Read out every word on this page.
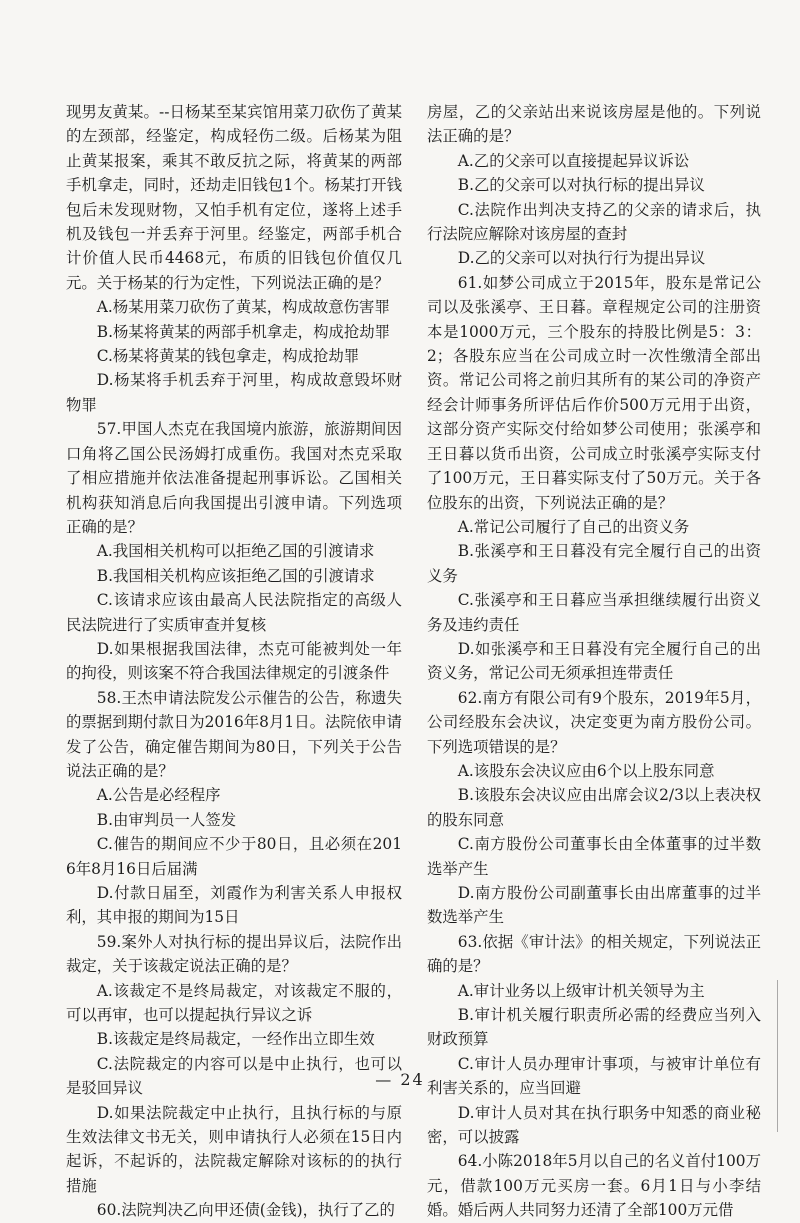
现男友黄某。--日杨某至某宾馆用菜刀砍伤了黄某的左颈部，经鉴定，构成轻伤二级。后杨某为阻止黄某报案，乘其不敢反抗之际，将黄某的两部手机拿走，同时，还劫走旧钱包1个。杨某打开钱包后未发现财物，又怕手机有定位，遂将上述手机及钱包一并丢弃于河里。经鉴定，两部手机合计价值人民币4468元，布质的旧钱包价值仅几元。关于杨某的行为定性，下列说法正确的是？

A.杨某用菜刀砍伤了黄某，构成故意伤害罪

B.杨某将黄某的两部手机拿走，构成抢劫罪

C.杨某将黄某的钱包拿走，构成抢劫罪

D.杨某将手机丢弃于河里，构成故意毁坏财物罪

57.甲国人杰克在我国境内旅游，旅游期间因口角将乙国公民汤姆打成重伤。我国对杰克采取了相应措施并依法准备提起刑事诉讼。乙国相关机构获知消息后向我国提出引渡申请。下列选项正确的是？

A.我国相关机构可以拒绝乙国的引渡请求

B.我国相关机构应该拒绝乙国的引渡请求

C.该请求应该由最高人民法院指定的高级人民法院进行了实质审查并复核

D.如果根据我国法律，杰克可能被判处一年的拘役，则该案不符合我国法律规定的引渡条件

58.王杰申请法院发公示催告的公告，称遗失的票据到期付款日为2016年8月1日。法院依申请发了公告，确定催告期间为80日，下列关于公告说法正确的是？

A.公告是必经程序

B.由审判员一人签发

C.催告的期间应不少于80日，且必须在2016年8月16日后届满

D.付款日届至，刘霞作为利害关系人申报权利，其申报的期间为15日

59.案外人对执行标的提出异议后，法院作出裁定，关于该裁定说法正确的是？

A.该裁定不是终局裁定，对该裁定不服的，可以再审，也可以提起执行异议之诉

B.该裁定是终局裁定，一经作出立即生效

C.法院裁定的内容可以是中止执行，也可以是驳回异议

D.如果法院裁定中止执行，且执行标的与原生效法律文书无关，则申请执行人必须在15日内起诉，不起诉的，法院裁定解除对该标的的执行措施

60.法院判决乙向甲还债(金钱)，执行了乙的

房屋，乙的父亲站出来说该房屋是他的。下列说法正确的是？

A.乙的父亲可以直接提起异议诉讼

B.乙的父亲可以对执行标的提出异议

C.法院作出判决支持乙的父亲的请求后，执行法院应解除对该房屋的查封

D.乙的父亲可以对执行行为提出异议

61.如梦公司成立于2015年，股东是常记公司以及张溪亭、王日暮。章程规定公司的注册资本是1000万元，三个股东的持股比例是5：3：2；各股东应当在公司成立时一次性缴清全部出资。常记公司将之前归其所有的某公司的净资产经会计师事务所评估后作价500万元用于出资，这部分资产实际交付给如梦公司使用；张溪亭和王日暮以货币出资，公司成立时张溪亭实际支付了100万元，王日暮实际支付了50万元。关于各位股东的出资，下列说法正确的是？

A.常记公司履行了自己的出资义务

B.张溪亭和王日暮没有完全履行自己的出资义务

C.张溪亭和王日暮应当承担继续履行出资义务及违约责任

D.如张溪亭和王日暮没有完全履行自己的出资义务，常记公司无须承担连带责任

62.南方有限公司有9个股东，2019年5月，公司经股东会决议，决定变更为南方股份公司。下列选项错误的是？

A.该股东会决议应由6个以上股东同意

B.该股东会决议应由出席会议2/3以上表决权的股东同意

C.南方股份公司董事长由全体董事的过半数选举产生

D.南方股份公司副董事长由出席董事的过半数选举产生

63.依据《审计法》的相关规定，下列说法正确的是？

A.审计业务以上级审计机关领导为主

B.审计机关履行职责所必需的经费应当列入财政预算

C.审计人员办理审计事项，与被审计单位有利害关系的，应当回避

D.审计人员对其在执行职务中知悉的商业秘密，可以披露

64.小陈2018年5月以自己的名义首付100万元，借款100万元买房一套。6月1日与小李结婚。婚后两人共同努力还清了全部100万元借

— 24
